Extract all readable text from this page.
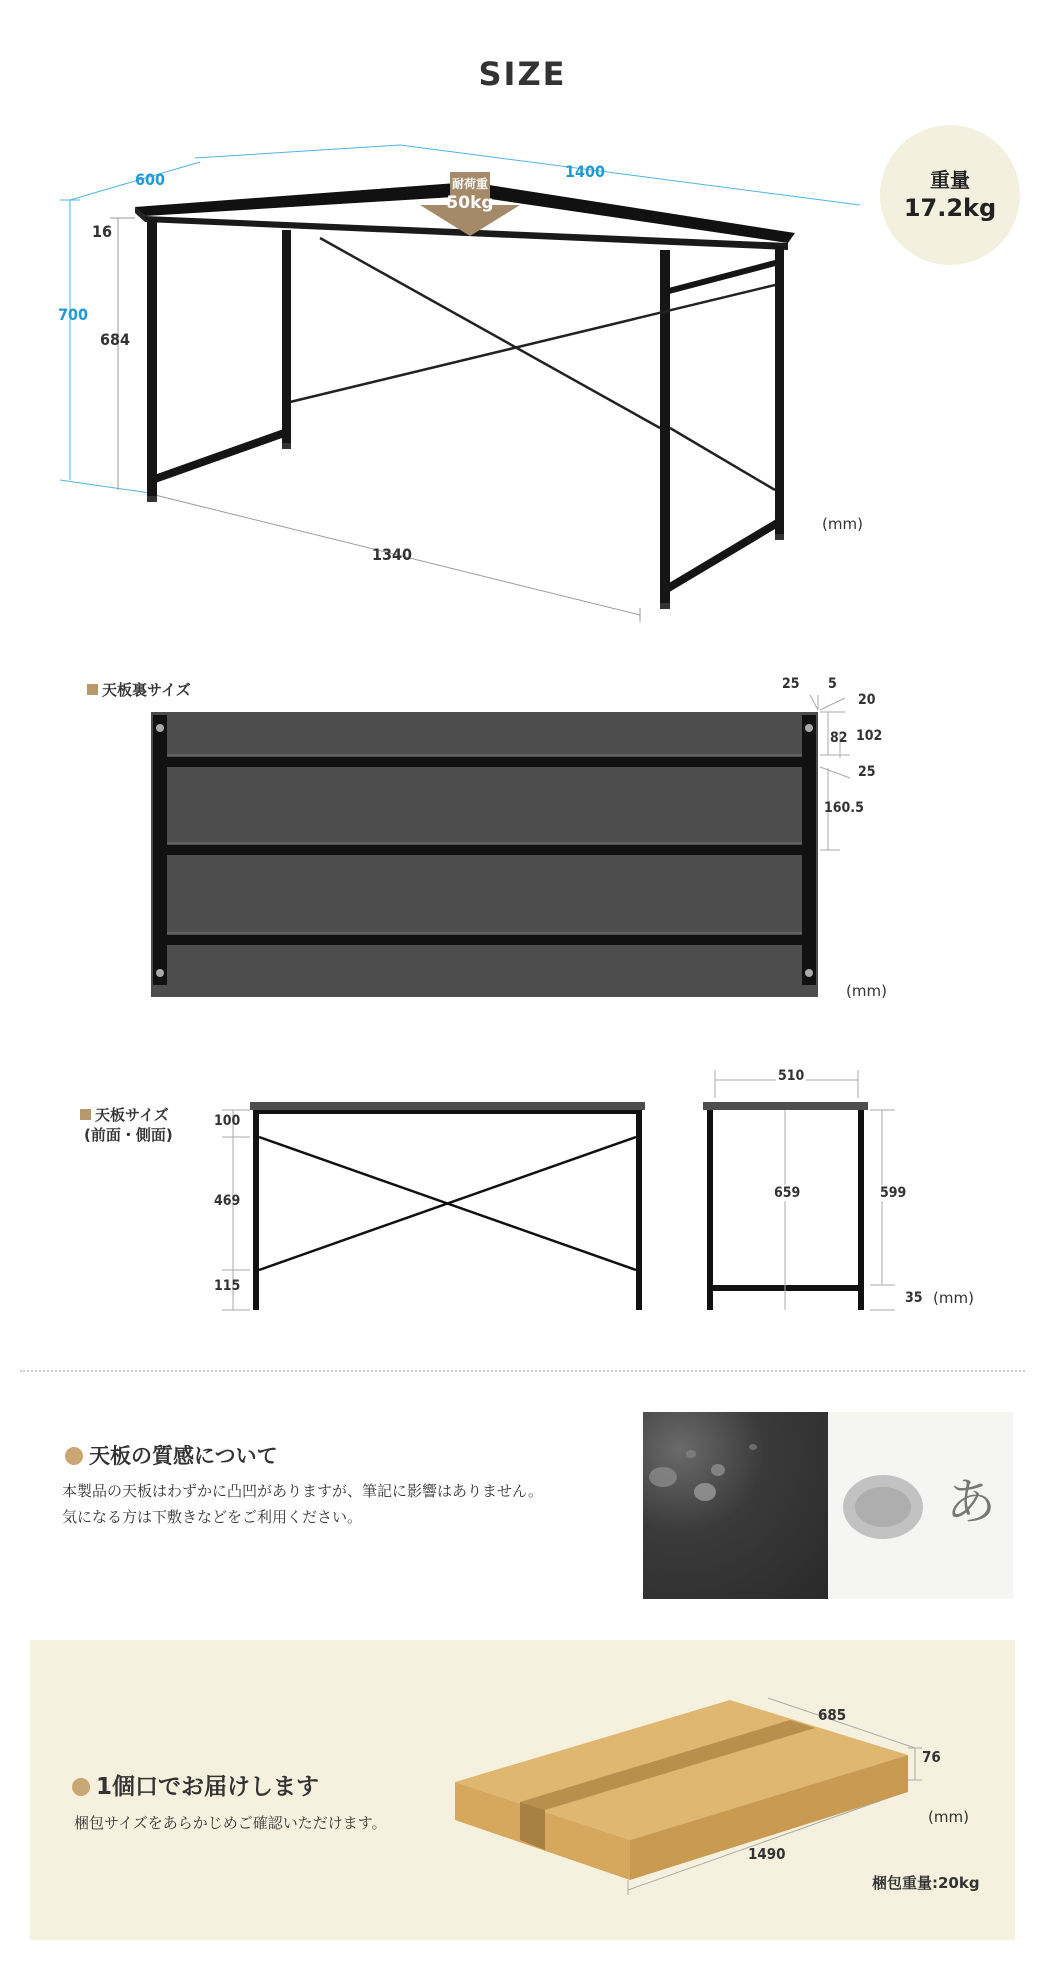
SIZE
耐荷重
50kg
600	1400
700
16
684
1340
(mm)
重量
17.2kg
天板裏サイズ	25 5
20
82 102
25
160.5
(mm)
天板サイズ
(前面・側面)
100
469
115
510
659	599
35 (mm)
天板の質感について
本製品の天板はわずかに凸凹がありますが、筆記に影響はありません。
気になる方は下敷きなどをご利用ください。	あ
1個口でお届けします
梱包サイズをあらかじめご確認いただけます。
685
76
1490
(mm)
梱包重量:20kg
